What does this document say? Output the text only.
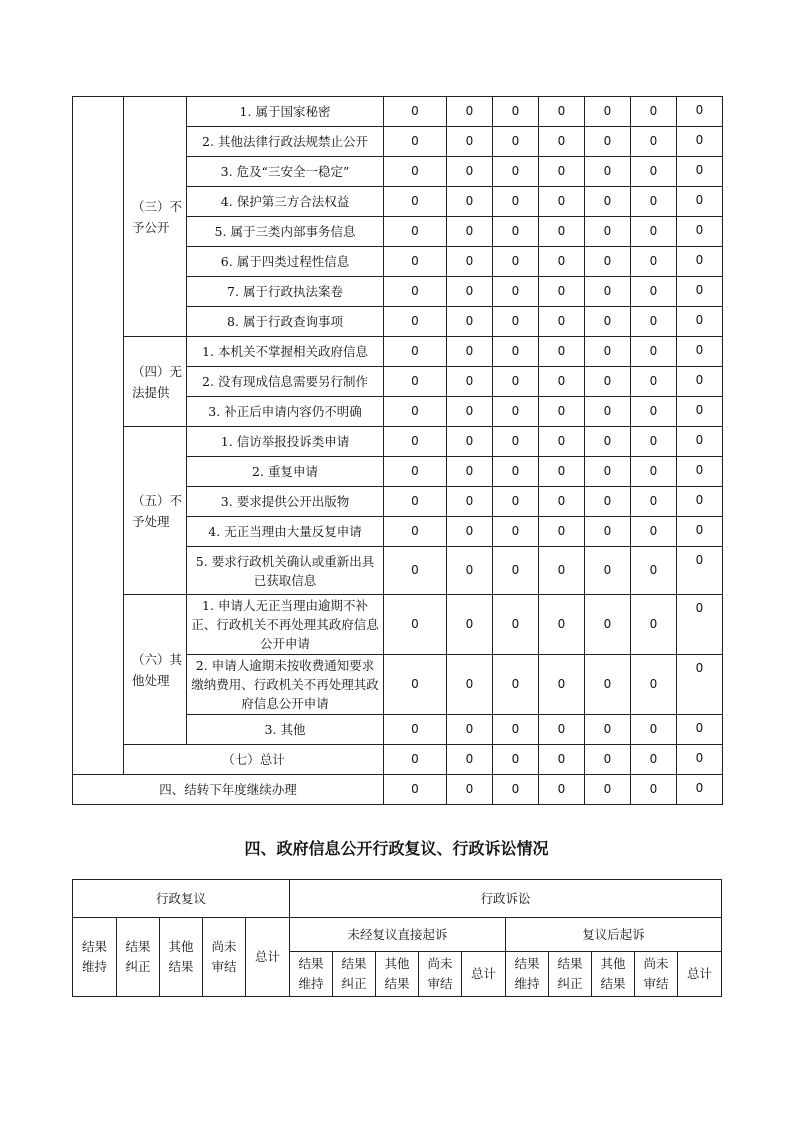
	（三）不予公开	1. 属于国家秘密	0	0	0	0	0	0	0
		2. 其他法律行政法规禁止公开	0	0	0	0	0	0	0
		3. 危及“三安全一稳定”	0	0	0	0	0	0	0
		4. 保护第三方合法权益	0	0	0	0	0	0	0
		5. 属于三类内部事务信息	0	0	0	0	0	0	0
		6. 属于四类过程性信息	0	0	0	0	0	0	0
		7. 属于行政执法案卷	0	0	0	0	0	0	0
		8. 属于行政查询事项	0	0	0	0	0	0	0
	（四）无法提供	1. 本机关不掌握相关政府信息	0	0	0	0	0	0	0
		2. 没有现成信息需要另行制作	0	0	0	0	0	0	0
		3. 补正后申请内容仍不明确	0	0	0	0	0	0	0
	（五）不予处理	1. 信访举报投诉类申请	0	0	0	0	0	0	0
		2. 重复申请	0	0	0	0	0	0	0
		3. 要求提供公开出版物	0	0	0	0	0	0	0
		4. 无正当理由大量反复申请	0	0	0	0	0	0	0
		5. 要求行政机关确认或重新出具已获取信息	0	0	0	0	0	0	0
	（六）其他处理	1. 申请人无正当理由逾期不补正、行政机关不再处理其政府信息公开申请	0	0	0	0	0	0	0
		2. 申请人逾期未按收费通知要求缴纳费用、行政机关不再处理其政府信息公开申请	0	0	0	0	0	0	0
		3. 其他	0	0	0	0	0	0	0
	（七）总计		0	0	0	0	0	0	0
四、结转下年度继续办理			0	0	0	0	0	0	0
四、政府信息公开行政复议、行政诉讼情况
行政复议					行政诉讼									
结果维持	结果纠正	其他结果	尚未审结	总计	未经复议直接起诉					复议后起诉				
					结果维持	结果纠正	其他结果	尚未审结	总计	结果维持	结果纠正	其他结果	尚未审结	总计
